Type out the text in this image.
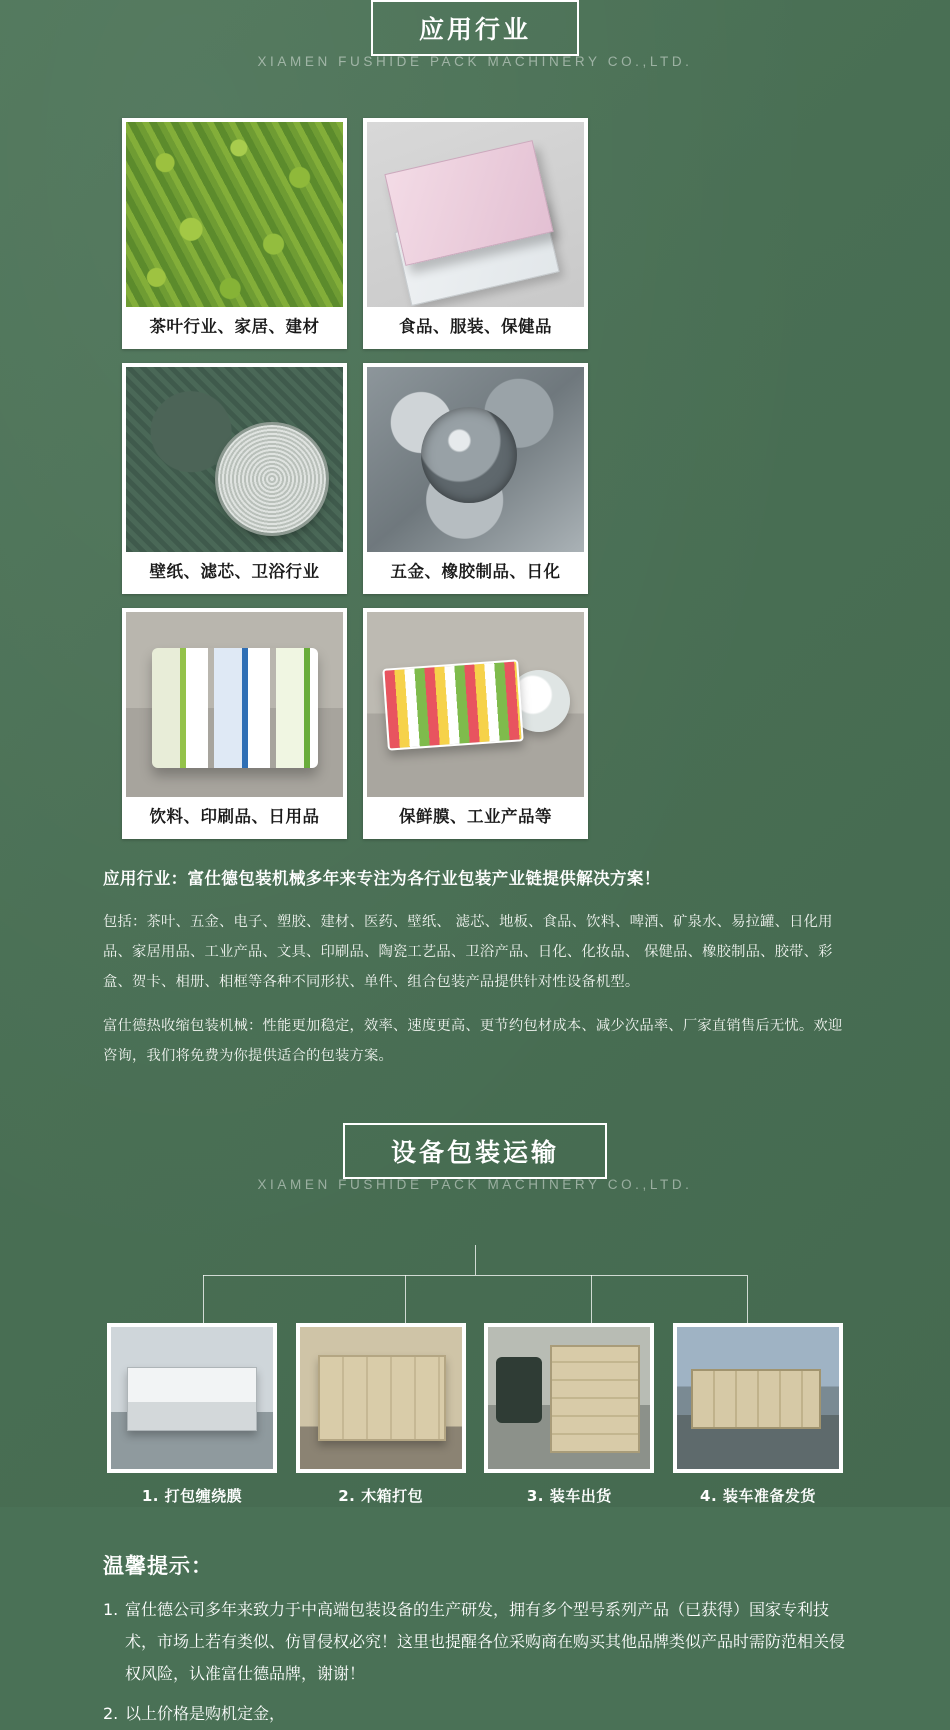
XIAMEN FUSHIDE PACK MACHINERY CO.,LTD.
应用行业
茶叶行业、家居、建材	食品、服装、保健品
壁纸、滤芯、卫浴行业	五金、橡胶制品、日化
饮料、印刷品、日用品	保鲜膜、工业产品等
应用行业：富仕德包装机械多年来专注为各行业包装产业链提供解决方案！
包括：茶叶、五金、电子、塑胶、建材、医药、壁纸、 滤芯、地板、食品、饮料、啤酒、矿泉水、易拉罐、日化用品、家居用品、工业产品、文具、印刷品、陶瓷工艺品、卫浴产品、日化、化妆品、 保健品、橡胶制品、胶带、彩盒、贺卡、相册、相框等各种不同形状、单件、组合包装产品提供针对性设备机型。
富仕德热收缩包装机械：性能更加稳定，效率、速度更高、更节约包材成本、减少次品率、厂家直销售后无忧。欢迎咨询，我们将免费为你提供适合的包装方案。
XIAMEN FUSHIDE PACK MACHINERY CO.,LTD.
设备包装运输
1. 打包缠绕膜	2. 木箱打包	3. 装车出货	4. 装车准备发货
温馨提示：
1. 富仕德公司多年来致力于中高端包装设备的生产研发，拥有多个型号系列产品（已获得）国家专利技术，市场上若有类似、仿冒侵权必究！这里也提醒各位采购商在购买其他品牌类似产品时需防范相关侵权风险，认准富仕德品牌，谢谢！
2. 以上价格是购机定金，
